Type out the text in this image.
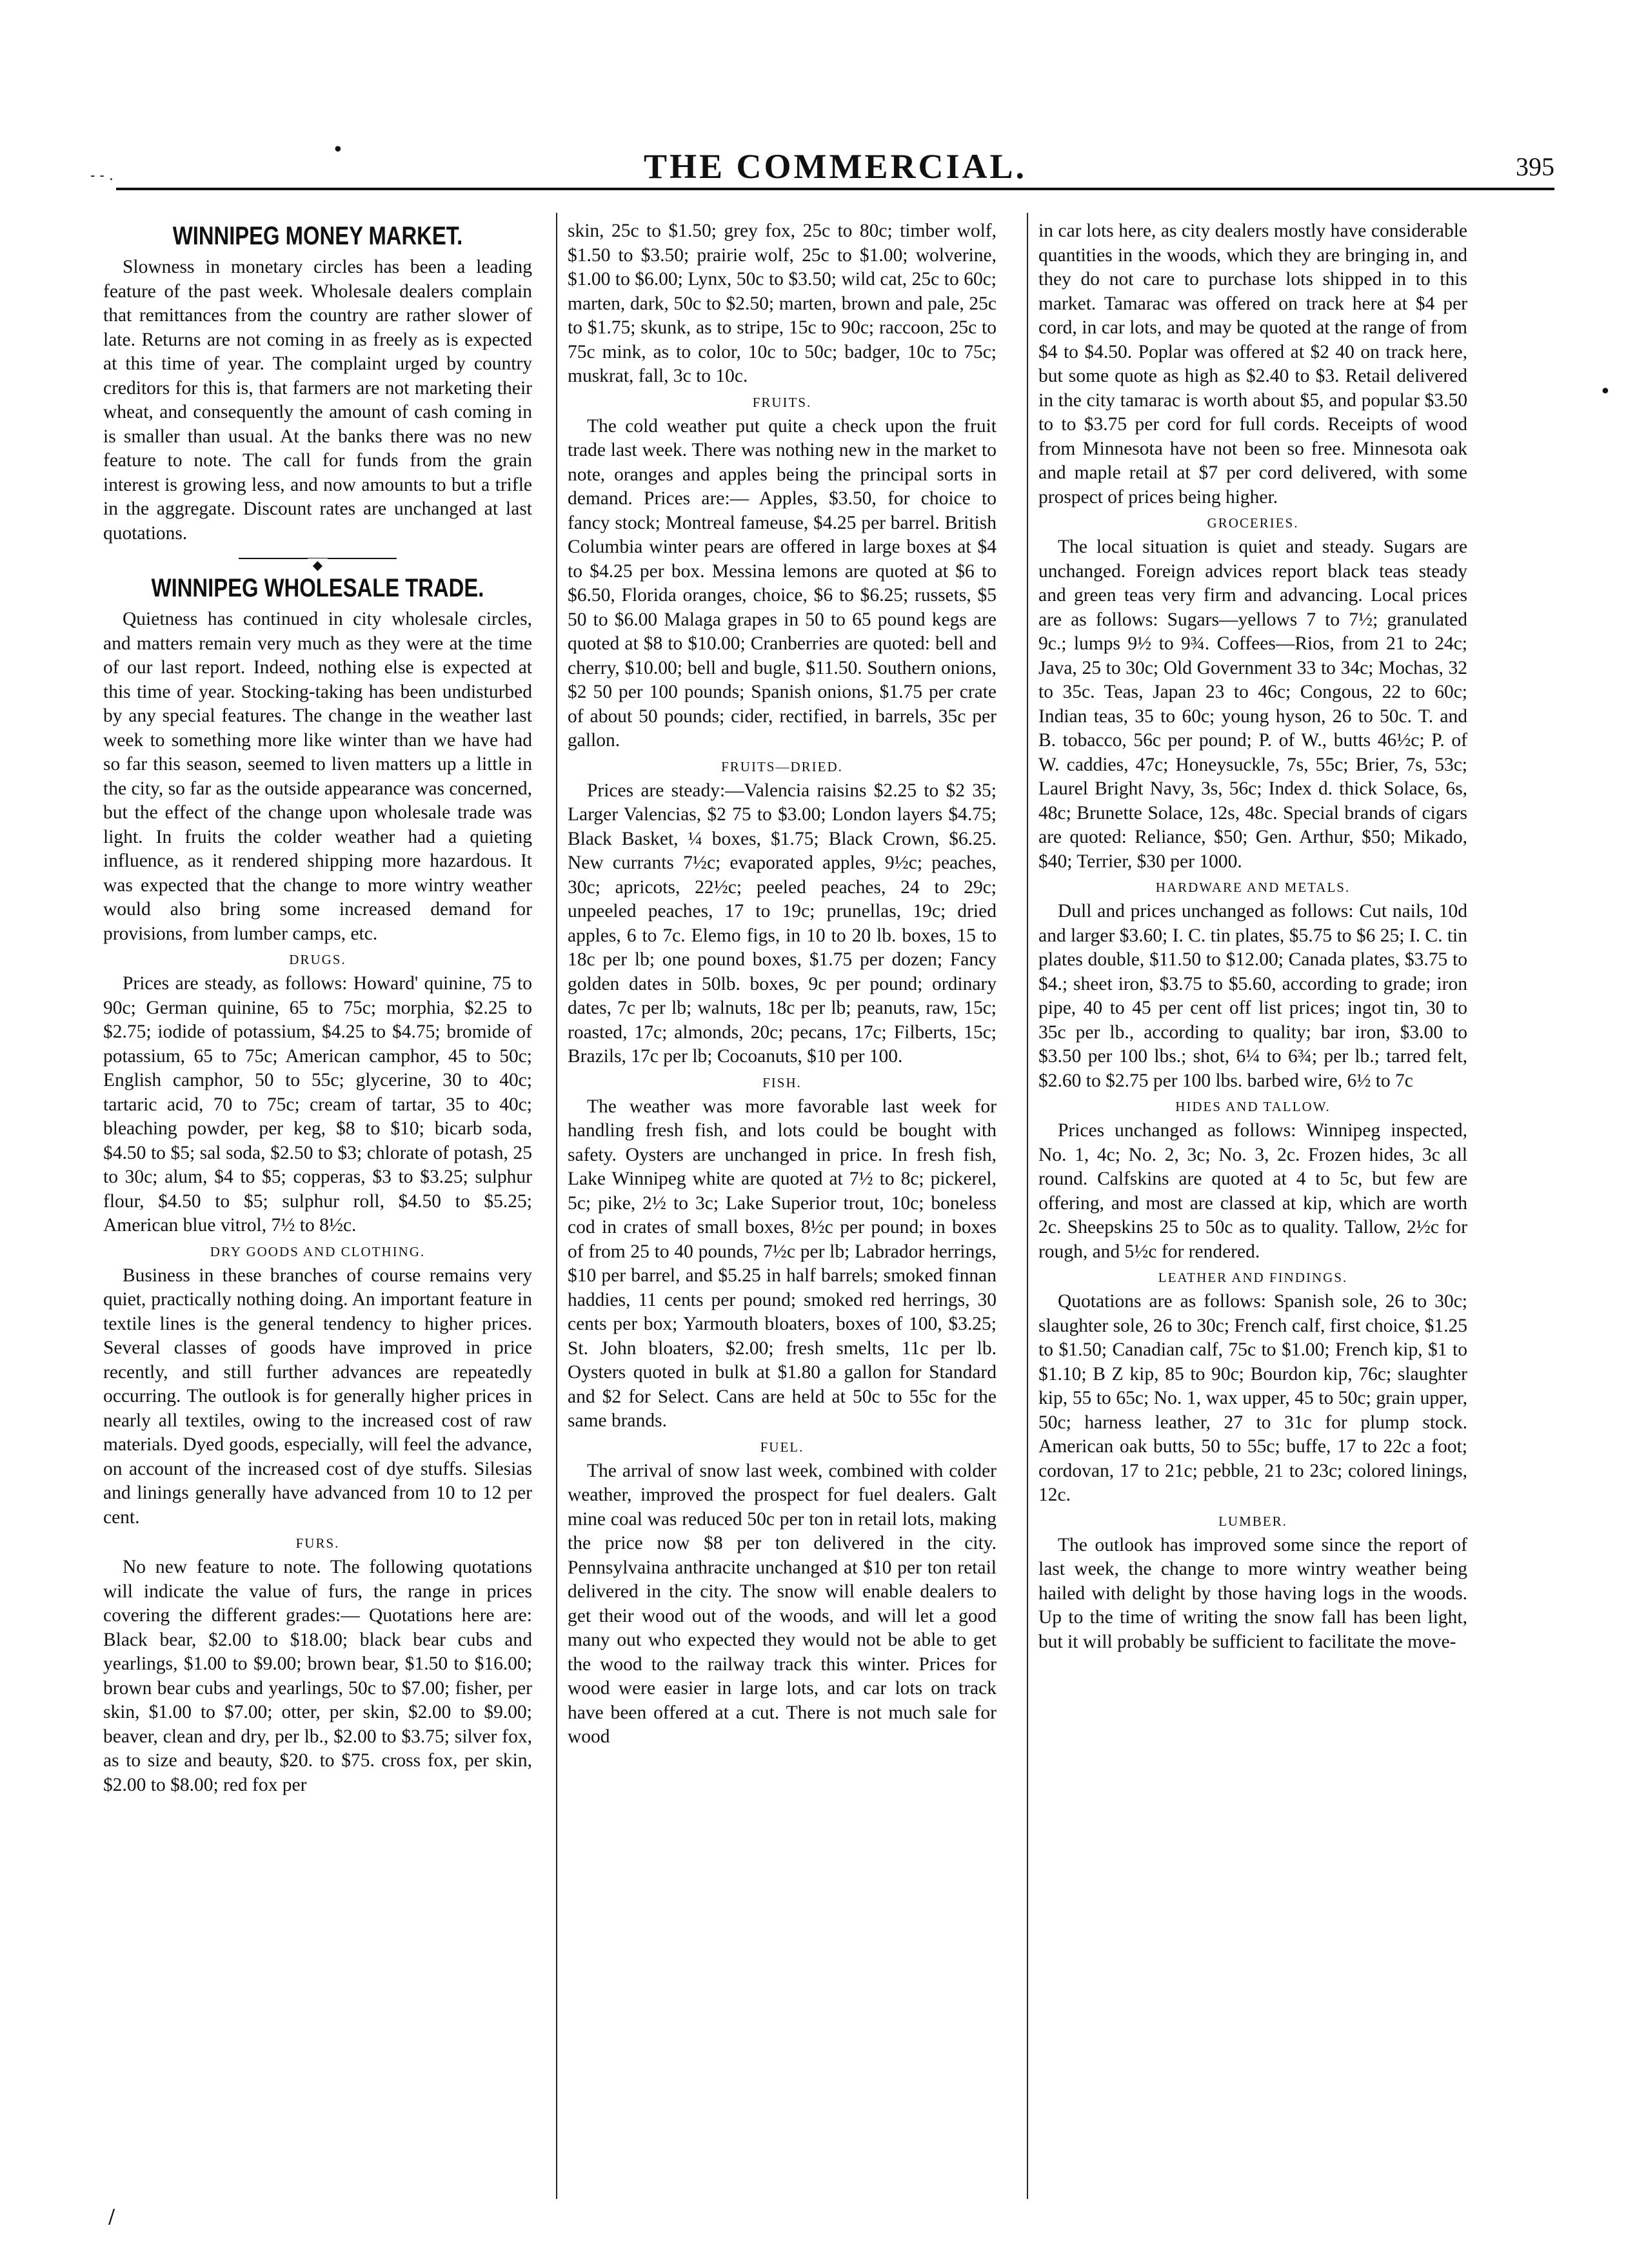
THE COMMERCIAL.	395
•
- - .
•
/
WINNIPEG MONEY MARKET.

Slowness in monetary circles has been a leading feature of the past week. Wholesale dealers complain that remittances from the country are rather slower of late. Returns are not coming in as freely as is expected at this time of year. The complaint urged by country creditors for this is, that farmers are not marketing their wheat, and consequently the amount of cash coming in is smaller than usual. At the banks there was no new feature to note. The call for funds from the grain interest is growing less, and now amounts to but a trifle in the aggregate. Discount rates are unchanged at last quotations.

◆
WINNIPEG WHOLESALE TRADE.

Quietness has continued in city wholesale circles, and matters remain very much as they were at the time of our last report. Indeed, nothing else is expected at this time of year. Stocking-taking has been undisturbed by any special features. The change in the weather last week to something more like winter than we have had so far this season, seemed to liven matters up a little in the city, so far as the outside appearance was concerned, but the effect of the change upon wholesale trade was light. In fruits the colder weather had a quieting influence, as it rendered shipping more hazardous. It was expected that the change to more wintry weather would also bring some increased demand for provisions, from lumber camps, etc.

DRUGS.

Prices are steady, as follows: Howard' quinine, 75 to 90c; German quinine, 65 to 75c; morphia, $2.25 to $2.75; iodide of potassium, $4.25 to $4.75; bromide of potassium, 65 to 75c; American camphor, 45 to 50c; English camphor, 50 to 55c; glycerine, 30 to 40c; tartaric acid, 70 to 75c; cream of tartar, 35 to 40c; bleaching powder, per keg, $8 to $10; bicarb soda, $4.50 to $5; sal soda, $2.50 to $3; chlorate of potash, 25 to 30c; alum, $4 to $5; copperas, $3 to $3.25; sulphur flour, $4.50 to $5; sulphur roll, $4.50 to $5.25; American blue vitrol, 7½ to 8½c.

DRY GOODS AND CLOTHING.

Business in these branches of course remains very quiet, practically nothing doing. An important feature in textile lines is the general tendency to higher prices. Several classes of goods have improved in price recently, and still further advances are repeatedly occurring. The outlook is for generally higher prices in nearly all textiles, owing to the increased cost of raw materials. Dyed goods, especially, will feel the advance, on account of the increased cost of dye stuffs. Silesias and linings generally have advanced from 10 to 12 per cent.

FURS.

No new feature to note. The following quotations will indicate the value of furs, the range in prices covering the different grades:— Quotations here are: Black bear, $2.00 to $18.00; black bear cubs and yearlings, $1.00 to $9.00; brown bear, $1.50 to $16.00; brown bear cubs and yearlings, 50c to $7.00; fisher, per skin, $1.00 to $7.00; otter, per skin, $2.00 to $9.00; beaver, clean and dry, per lb., $2.00 to $3.75; silver fox, as to size and beauty, $20. to $75. cross fox, per skin, $2.00 to $8.00; red fox per

skin, 25c to $1.50; grey fox, 25c to 80c; timber wolf, $1.50 to $3.50; prairie wolf, 25c to $1.00; wolverine, $1.00 to $6.00; Lynx, 50c to $3.50; wild cat, 25c to 60c; marten, dark, 50c to $2.50; marten, brown and pale, 25c to $1.75; skunk, as to stripe, 15c to 90c; raccoon, 25c to 75c mink, as to color, 10c to 50c; badger, 10c to 75c; muskrat, fall, 3c to 10c.

FRUITS.

The cold weather put quite a check upon the fruit trade last week. There was nothing new in the market to note, oranges and apples being the principal sorts in demand. Prices are:— Apples, $3.50, for choice to fancy stock; Montreal fameuse, $4.25 per barrel. British Columbia winter pears are offered in large boxes at $4 to $4.25 per box. Messina lemons are quoted at $6 to $6.50, Florida oranges, choice, $6 to $6.25; russets, $5 50 to $6.00 Malaga grapes in 50 to 65 pound kegs are quoted at $8 to $10.00; Cranberries are quoted: bell and cherry, $10.00; bell and bugle, $11.50. Southern onions, $2 50 per 100 pounds; Spanish onions, $1.75 per crate of about 50 pounds; cider, rectified, in barrels, 35c per gallon.

FRUITS—DRIED.

Prices are steady:—Valencia raisins $2.25 to $2 35; Larger Valencias, $2 75 to $3.00; London layers $4.75; Black Basket, ¼ boxes, $1.75; Black Crown, $6.25. New currants 7½c; evaporated apples, 9½c; peaches, 30c; apricots, 22½c; peeled peaches, 24 to 29c; unpeeled peaches, 17 to 19c; prunellas, 19c; dried apples, 6 to 7c. Elemo figs, in 10 to 20 lb. boxes, 15 to 18c per lb; one pound boxes, $1.75 per dozen; Fancy golden dates in 50lb. boxes, 9c per pound; ordinary dates, 7c per lb; walnuts, 18c per lb; peanuts, raw, 15c; roasted, 17c; almonds, 20c; pecans, 17c; Filberts, 15c; Brazils, 17c per lb; Cocoanuts, $10 per 100.

FISH.

The weather was more favorable last week for handling fresh fish, and lots could be bought with safety. Oysters are unchanged in price. In fresh fish, Lake Winnipeg white are quoted at 7½ to 8c; pickerel, 5c; pike, 2½ to 3c; Lake Superior trout, 10c; boneless cod in crates of small boxes, 8½c per pound; in boxes of from 25 to 40 pounds, 7½c per lb; Labrador herrings, $10 per barrel, and $5.25 in half barrels; smoked finnan haddies, 11 cents per pound; smoked red herrings, 30 cents per box; Yarmouth bloaters, boxes of 100, $3.25; St. John bloaters, $2.00; fresh smelts, 11c per lb. Oysters quoted in bulk at $1.80 a gallon for Standard and $2 for Select. Cans are held at 50c to 55c for the same brands.

FUEL.

The arrival of snow last week, combined with colder weather, improved the prospect for fuel dealers. Galt mine coal was reduced 50c per ton in retail lots, making the price now $8 per ton delivered in the city. Pennsylvaina anthracite unchanged at $10 per ton retail delivered in the city. The snow will enable dealers to get their wood out of the woods, and will let a good many out who expected they would not be able to get the wood to the railway track this winter. Prices for wood were easier in large lots, and car lots on track have been offered at a cut. There is not much sale for wood

in car lots here, as city dealers mostly have considerable quantities in the woods, which they are bringing in, and they do not care to purchase lots shipped in to this market. Tamarac was offered on track here at $4 per cord, in car lots, and may be quoted at the range of from $4 to $4.50. Poplar was offered at $2 40 on track here, but some quote as high as $2.40 to $3. Retail delivered in the city tamarac is worth about $5, and popular $3.50 to to $3.75 per cord for full cords. Receipts of wood from Minnesota have not been so free. Minnesota oak and maple retail at $7 per cord delivered, with some prospect of prices being higher.

GROCERIES.

The local situation is quiet and steady. Sugars are unchanged. Foreign advices report black teas steady and green teas very firm and advancing. Local prices are as follows: Sugars—yellows 7 to 7½; granulated 9c.; lumps 9½ to 9¾. Coffees—Rios, from 21 to 24c; Java, 25 to 30c; Old Government 33 to 34c; Mochas, 32 to 35c. Teas, Japan 23 to 46c; Congous, 22 to 60c; Indian teas, 35 to 60c; young hyson, 26 to 50c. T. and B. tobacco, 56c per pound; P. of W., butts 46½c; P. of W. caddies, 47c; Honeysuckle, 7s, 55c; Brier, 7s, 53c; Laurel Bright Navy, 3s, 56c; Index d. thick Solace, 6s, 48c; Brunette Solace, 12s, 48c. Special brands of cigars are quoted: Reliance, $50; Gen. Arthur, $50; Mikado, $40; Terrier, $30 per 1000.

HARDWARE AND METALS.

Dull and prices unchanged as follows: Cut nails, 10d and larger $3.60; I. C. tin plates, $5.75 to $6 25; I. C. tin plates double, $11.50 to $12.00; Canada plates, $3.75 to $4.; sheet iron, $3.75 to $5.60, according to grade; iron pipe, 40 to 45 per cent off list prices; ingot tin, 30 to 35c per lb., according to quality; bar iron, $3.00 to $3.50 per 100 lbs.; shot, 6¼ to 6¾; per lb.; tarred felt, $2.60 to $2.75 per 100 lbs. barbed wire, 6½ to 7c

HIDES AND TALLOW.

Prices unchanged as follows: Winnipeg inspected, No. 1, 4c; No. 2, 3c; No. 3, 2c. Frozen hides, 3c all round. Calfskins are quoted at 4 to 5c, but few are offering, and most are classed at kip, which are worth 2c. Sheepskins 25 to 50c as to quality. Tallow, 2½c for rough, and 5½c for rendered.

LEATHER AND FINDINGS.

Quotations are as follows: Spanish sole, 26 to 30c; slaughter sole, 26 to 30c; French calf, first choice, $1.25 to $1.50; Canadian calf, 75c to $1.00; French kip, $1 to $1.10; B Z kip, 85 to 90c; Bourdon kip, 76c; slaughter kip, 55 to 65c; No. 1, wax upper, 45 to 50c; grain upper, 50c; harness leather, 27 to 31c for plump stock. American oak butts, 50 to 55c; buffe, 17 to 22c a foot; cordovan, 17 to 21c; pebble, 21 to 23c; colored linings, 12c.

LUMBER.

The outlook has improved some since the report of last week, the change to more wintry weather being hailed with delight by those having logs in the woods. Up to the time of writing the snow fall has been light, but it will probably be sufficient to facilitate the move-
